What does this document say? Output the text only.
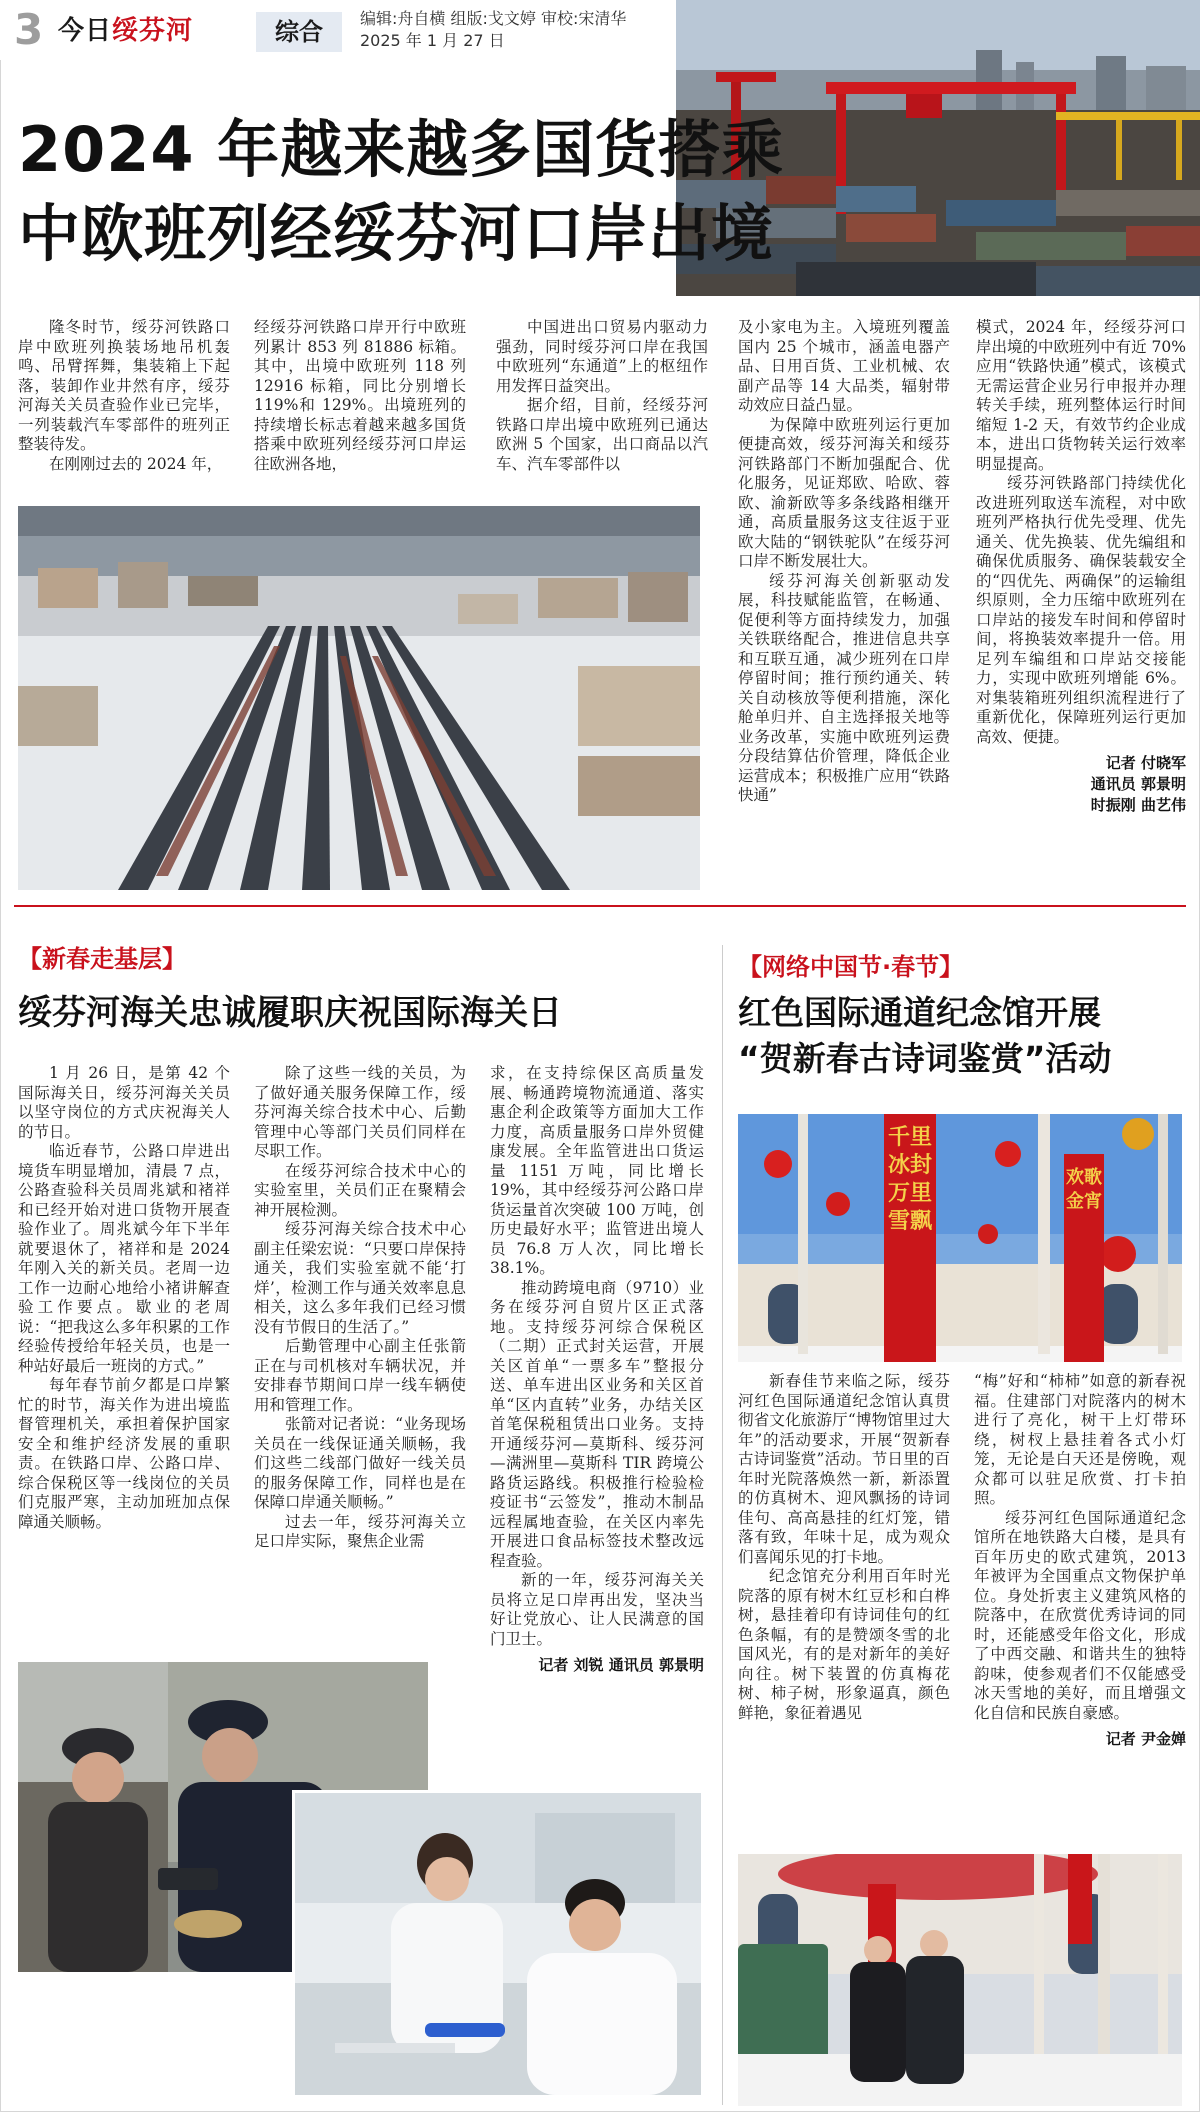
3 今日绥芬河	综合	编辑:舟自横 组版:戈文婷 审校:宋清华
2025 年 1 月 27 日
2024 年越来越多国货搭乘
中欧班列经绥芬河口岸出境

隆冬时节，绥芬河铁路口岸中欧班列换装场地吊机轰鸣、吊臂挥舞，集装箱上下起落，装卸作业井然有序，绥芬河海关关员查验作业已完毕，一列装载汽车零部件的班列正整装待发。

在刚刚过去的 2024 年，

经绥芬河铁路口岸开行中欧班列累计 853 列 81886 标箱。其中，出境中欧班列 118 列 12916 标箱，同比分别增长 119%和 129%。出境班列的持续增长标志着越来越多国货搭乘中欧班列经绥芬河口岸运往欧洲各地，

中国进出口贸易内驱动力强劲，同时绥芬河口岸在我国中欧班列“东通道”上的枢纽作用发挥日益突出。

据介绍，目前，经绥芬河铁路口岸出境中欧班列已通达欧洲 5 个国家，出口商品以汽车、汽车零部件以

及小家电为主。入境班列覆盖国内 25 个城市，涵盖电器产品、日用百货、工业机械、农副产品等 14 大品类，辐射带动效应日益凸显。

为保障中欧班列运行更加便捷高效，绥芬河海关和绥芬河铁路部门不断加强配合、优化服务，见证郑欧、哈欧、蓉欧、渝新欧等多条线路相继开通，高质量服务这支往返于亚欧大陆的“钢铁驼队”在绥芬河口岸不断发展壮大。

绥芬河海关创新驱动发展，科技赋能监管，在畅通、促便利等方面持续发力，加强关铁联络配合，推进信息共享和互联互通，减少班列在口岸停留时间；推行预约通关、转关自动核放等便利措施，深化舱单归并、自主选择报关地等业务改革，实施中欧班列运费分段结算估价管理，降低企业运营成本；积极推广应用“铁路快通”

模式，2024 年，经绥芬河口岸出境的中欧班列中有近 70%应用“铁路快通”模式，该模式无需运营企业另行申报并办理转关手续，班列整体运行时间缩短 1-2 天，有效节约企业成本，进出口货物转关运行效率明显提高。

绥芬河铁路部门持续优化改进班列取送车流程，对中欧班列严格执行优先受理、优先通关、优先换装、优先编组和确保优质服务、确保装载安全的“四优先、两确保”的运输组织原则，全力压缩中欧班列在口岸站的接发车时间和停留时间，将换装效率提升一倍。用足列车编组和口岸站交接能力，实现中欧班列增能 6%。对集装箱班列组织流程进行了重新优化，保障班列运行更加高效、便捷。

记者 付晓军
通讯员 郭景明
时振刚 曲艺伟
【新春走基层】
绥芬河海关忠诚履职庆祝国际海关日

1 月 26 日，是第 42 个国际海关日，绥芬河海关关员以坚守岗位的方式庆祝海关人的节日。

临近春节，公路口岸进出境货车明显增加，清晨 7 点，公路查验科关员周兆斌和褚祥和已经开始对进口货物开展查验作业了。周兆斌今年下半年就要退休了，褚祥和是 2024 年刚入关的新关员。老周一边工作一边耐心地给小褚讲解查验工作要点。歇业的老周说：“把我这么多年积累的工作经验传授给年轻关员，也是一种站好最后一班岗的方式。”

每年春节前夕都是口岸繁忙的时节，海关作为进出境监督管理机关，承担着保护国家安全和维护经济发展的重职责。在铁路口岸、公路口岸、综合保税区等一线岗位的关员们克服严寒，主动加班加点保障通关顺畅。

除了这些一线的关员，为了做好通关服务保障工作，绥芬河海关综合技术中心、后勤管理中心等部门关员们同样在尽职工作。

在绥芬河综合技术中心的实验室里，关员们正在聚精会神开展检测。

绥芬河海关综合技术中心副主任梁宏说：“只要口岸保持通关，我们实验室就不能‘打烊’，检测工作与通关效率息息相关，这么多年我们已经习惯没有节假日的生活了。”

后勤管理中心副主任张箭正在与司机核对车辆状况，并安排春节期间口岸一线车辆使用和管理工作。

张箭对记者说：“业务现场关员在一线保证通关顺畅，我们这些二线部门做好一线关员的服务保障工作，同样也是在保障口岸通关顺畅。”

过去一年，绥芬河海关立足口岸实际，聚焦企业需

求，在支持综保区高质量发展、畅通跨境物流通道、落实惠企利企政策等方面加大工作力度，高质量服务口岸外贸健康发展。全年监管进出口货运量 1151 万吨，同比增长 19%，其中经绥芬河公路口岸货运量首次突破 100 万吨，创历史最好水平；监管进出境人员 76.8 万人次，同比增长 38.1%。

推动跨境电商（9710）业务在绥芬河自贸片区正式落地。支持绥芬河综合保税区（二期）正式封关运营，开展关区首单“一票多车”整报分送、单车进出区业务和关区首单“区内直转”业务，办结关区首笔保税租赁出口业务。支持开通绥芬河—莫斯科、绥芬河—满洲里—莫斯科 TIR 跨境公路货运路线。积极推行检验检疫证书“云签发”，推动木制品远程属地查验，在关区内率先开展进口食品标签技术整改远程查验。

新的一年，绥芬河海关关员将立足口岸再出发，坚决当好让党放心、让人民满意的国门卫士。

记者 刘锐 通讯员 郭景明
【网络中国节·春节】
红色国际通道纪念馆开展
“贺新春古诗词鉴赏”活动
千里冰封 万里雪飘
欢歌金宵

新春佳节来临之际，绥芬河红色国际通道纪念馆认真贯彻省文化旅游厅“博物馆里过大年”的活动要求，开展“贺新春古诗词鉴赏”活动。节日里的百年时光院落焕然一新，新添置的仿真树木、迎风飘扬的诗词佳句、高高悬挂的红灯笼，错落有致，年味十足，成为观众们喜闻乐见的打卡地。

纪念馆充分利用百年时光院落的原有树木红豆杉和白桦树，悬挂着印有诗词佳句的红色条幅，有的是赞颂冬雪的北国风光，有的是对新年的美好向往。树下装置的仿真梅花树、柿子树，形象逼真，颜色鲜艳，象征着遇见

“梅”好和“柿柿”如意的新春祝福。住建部门对院落内的树木进行了亮化，树干上灯带环绕，树杈上悬挂着各式小灯笼，无论是白天还是傍晚，观众都可以驻足欣赏、打卡拍照。

绥芬河红色国际通道纪念馆所在地铁路大白楼，是具有百年历史的欧式建筑，2013 年被评为全国重点文物保护单位。身处折衷主义建筑风格的院落中，在欣赏优秀诗词的同时，还能感受年俗文化，形成了中西交融、和谐共生的独特韵味，使参观者们不仅能感受冰天雪地的美好，而且增强文化自信和民族自豪感。

记者 尹金婵
